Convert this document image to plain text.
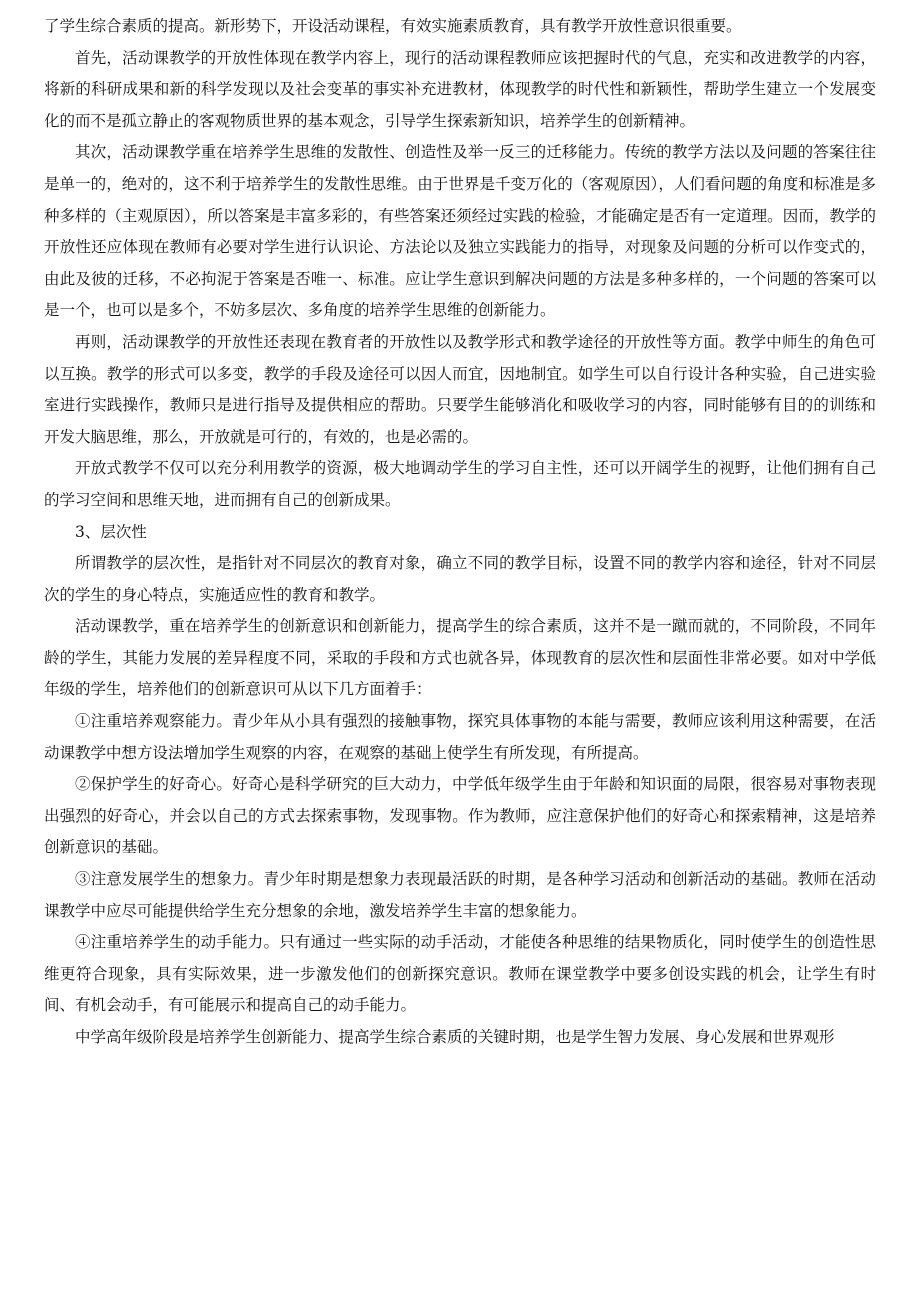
了学生综合素质的提高。新形势下，开设活动课程，有效实施素质教育，具有教学开放性意识很重要。

首先，活动课教学的开放性体现在教学内容上，现行的活动课程教师应该把握时代的气息，充实和改进教学的内容，将新的科研成果和新的科学发现以及社会变革的事实补充进教材，体现教学的时代性和新颖性，帮助学生建立一个发展变化的而不是孤立静止的客观物质世界的基本观念，引导学生探索新知识，培养学生的创新精神。

其次，活动课教学重在培养学生思维的发散性、创造性及举一反三的迁移能力。传统的教学方法以及问题的答案往往是单一的，绝对的，这不利于培养学生的发散性思维。由于世界是千变万化的（客观原因），人们看问题的角度和标准是多种多样的（主观原因），所以答案是丰富多彩的，有些答案还须经过实践的检验，才能确定是否有一定道理。因而，教学的开放性还应体现在教师有必要对学生进行认识论、方法论以及独立实践能力的指导，对现象及问题的分析可以作变式的，由此及彼的迁移，不必拘泥于答案是否唯一、标准。应让学生意识到解决问题的方法是多种多样的，一个问题的答案可以是一个，也可以是多个，不妨多层次、多角度的培养学生思维的创新能力。

再则，活动课教学的开放性还表现在教育者的开放性以及教学形式和教学途径的开放性等方面。教学中师生的角色可以互换。教学的形式可以多变，教学的手段及途径可以因人而宜，因地制宜。如学生可以自行设计各种实验，自己进实验室进行实践操作，教师只是进行指导及提供相应的帮助。只要学生能够消化和吸收学习的内容，同时能够有目的的训练和开发大脑思维，那么，开放就是可行的，有效的，也是必需的。

开放式教学不仅可以充分利用教学的资源，极大地调动学生的学习自主性，还可以开阔学生的视野，让他们拥有自己的学习空间和思维天地，进而拥有自己的创新成果。

3、层次性

所谓教学的层次性，是指针对不同层次的教育对象，确立不同的教学目标，设置不同的教学内容和途径，针对不同层次的学生的身心特点，实施适应性的教育和教学。

活动课教学，重在培养学生的创新意识和创新能力，提高学生的综合素质，这并不是一蹴而就的，不同阶段，不同年龄的学生，其能力发展的差异程度不同，采取的手段和方式也就各异，体现教育的层次性和层面性非常必要。如对中学低年级的学生，培养他们的创新意识可从以下几方面着手：

①注重培养观察能力。青少年从小具有强烈的接触事物，探究具体事物的本能与需要，教师应该利用这种需要，在活动课教学中想方设法增加学生观察的内容，在观察的基础上使学生有所发现，有所提高。

②保护学生的好奇心。好奇心是科学研究的巨大动力，中学低年级学生由于年龄和知识面的局限，很容易对事物表现出强烈的好奇心，并会以自己的方式去探索事物，发现事物。作为教师，应注意保护他们的好奇心和探索精神，这是培养创新意识的基础。

③注意发展学生的想象力。青少年时期是想象力表现最活跃的时期，是各种学习活动和创新活动的基础。教师在活动课教学中应尽可能提供给学生充分想象的余地，激发培养学生丰富的想象能力。

④注重培养学生的动手能力。只有通过一些实际的动手活动，才能使各种思维的结果物质化，同时使学生的创造性思维更符合现象，具有实际效果，进一步激发他们的创新探究意识。教师在课堂教学中要多创设实践的机会，让学生有时间、有机会动手，有可能展示和提高自己的动手能力。

中学高年级阶段是培养学生创新能力、提高学生综合素质的关键时期，也是学生智力发展、身心发展和世界观形
